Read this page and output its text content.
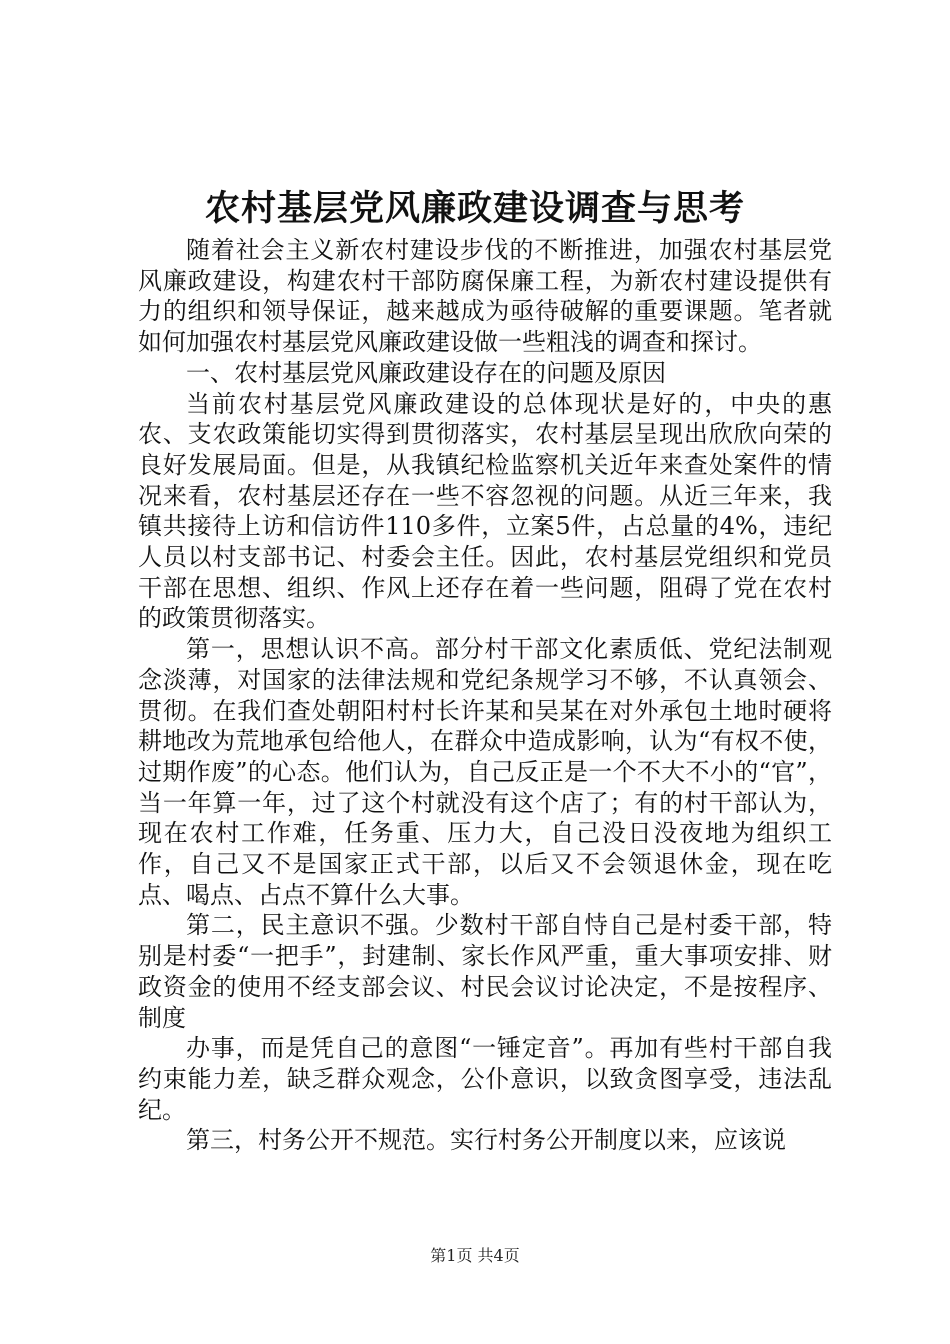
农村基层党风廉政建设调查与思考

随着社会主义新农村建设步伐的不断推进，加强农村基层党风廉政建设，构建农村干部防腐保廉工程，为新农村建设提供有力的组织和领导保证，越来越成为亟待破解的重要课题。笔者就如何加强农村基层党风廉政建设做一些粗浅的调查和探讨。

一、农村基层党风廉政建设存在的问题及原因

当前农村基层党风廉政建设的总体现状是好的，中央的惠农、支农政策能切实得到贯彻落实，农村基层呈现出欣欣向荣的良好发展局面。但是，从我镇纪检监察机关近年来查处案件的情况来看，农村基层还存在一些不容忽视的问题。从近三年来，我镇共接待上访和信访件110多件，立案5件，占总量的4%，违纪人员以村支部书记、村委会主任。因此，农村基层党组织和党员干部在思想、组织、作风上还存在着一些问题，阻碍了党在农村的政策贯彻落实。

第一，思想认识不高。部分村干部文化素质低、党纪法制观念淡薄，对国家的法律法规和党纪条规学习不够，不认真领会、贯彻。在我们查处朝阳村村长许某和吴某在对外承包土地时硬将耕地改为荒地承包给他人，在群众中造成影响，认为“有权不使，过期作废”的心态。他们认为，自己反正是一个不大不小的“官”，当一年算一年，过了这个村就没有这个店了；有的村干部认为，现在农村工作难，任务重、压力大，自己没日没夜地为组织工作，自己又不是国家正式干部，以后又不会领退休金，现在吃点、喝点、占点不算什么大事。

第二，民主意识不强。少数村干部自恃自己是村委干部，特别是村委“一把手”，封建制、家长作风严重，重大事项安排、财政资金的使用不经支部会议、村民会议讨论决定，不是按程序、制度

办事，而是凭自己的意图“一锤定音”。再加有些村干部自我约束能力差，缺乏群众观念，公仆意识，以致贪图享受，违法乱纪。

第三，村务公开不规范。实行村务公开制度以来，应该说

第1页 共4页
